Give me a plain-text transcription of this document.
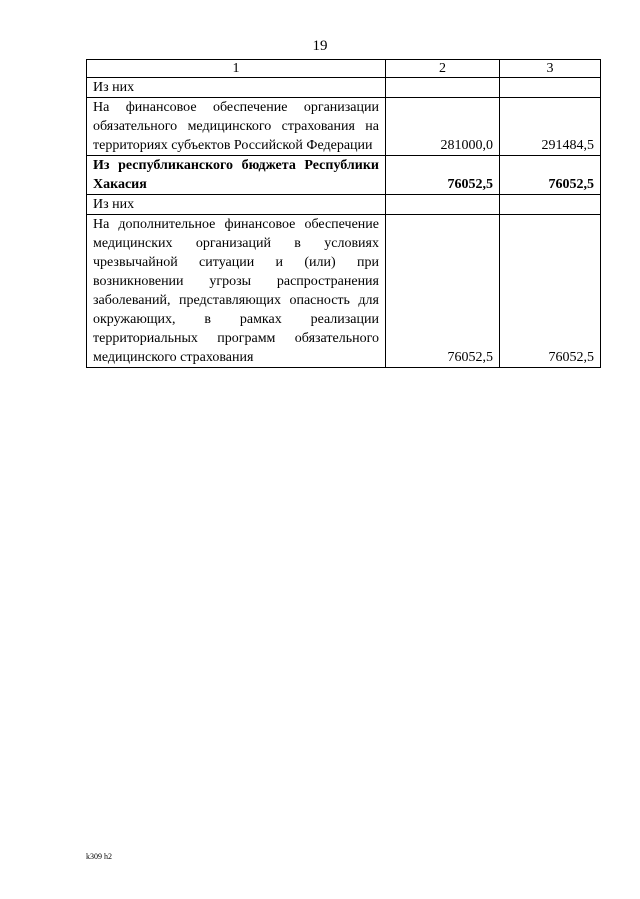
19
1	2	3
Из них		
На финансовое обеспечение организации обязательного медицинского страхования на территориях субъектов Российской Федерации	281000,0	291484,5
Из республиканского бюджета Республики Хакасия	76052,5	76052,5
Из них		
На дополнительное финансовое обеспечение медицинских организаций в условиях чрезвычайной ситуации и (или) при возникновении угрозы распространения заболеваний, представляющих опасность для окружающих, в рамках реализации территориальных программ обязательного медицинского страхования	76052,5	76052,5
k309 h2
